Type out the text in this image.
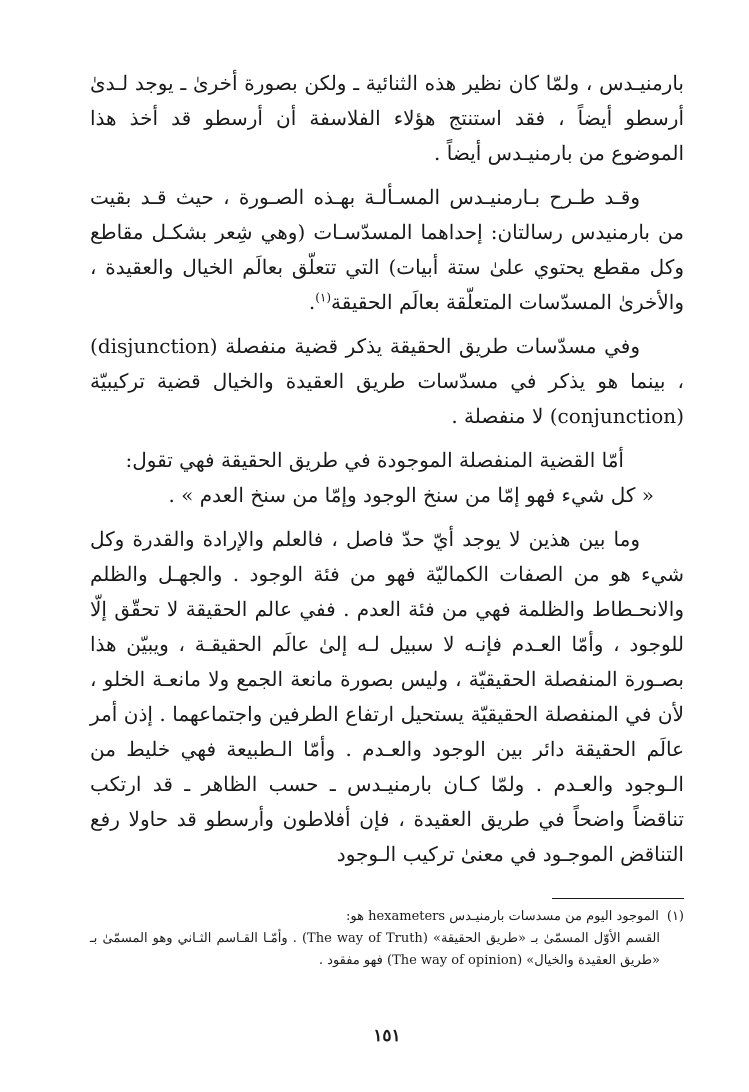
بارمنيـدس ، ولمّا كان نظير هذه الثنائية ـ ولكن بصورة أخرىٰ ـ يوجد لـدىٰ أرسطو أيضاً ، فقد استنتج هؤلاء الفلاسفة أن أرسطو قد أخذ هذا الموضوع من بارمنيـدس أيضاً .

وقـد طـرح بـارمنيـدس المسـألـة بهـذه الصـورة ، حيث قـد بقيت من بارمنيدس رسالتان: إحداهما المسدّسـات (وهي شِعر بشكـل مقاطع وكل مقطع يحتوي علىٰ ستة أبيات) التي تتعلّق بعالَم الخيال والعقيدة ، والأخرىٰ المسدّسات المتعلّقة بعالَم الحقيقة$^{(١)}$.

وفي مسدّسات طريق الحقيقة يذكر قضية منفصلة (disjunction) ، بينما هو يذكر في مسدّسات طريق العقيدة والخيال قضية تركيبيّة (conjunction) لا منفصلة .

أمّا القضية المنفصلة الموجودة في طريق الحقيقة فهي تقول:

« كل شيء فهو إمّا من سنخ الوجود وإمّا من سنخ العدم » .

وما بين هذين لا يوجد أيّ حدّ فاصل ، فالعلم والإرادة والقدرة وكل شيء هو من الصفات الكماليّة فهو من فئة الوجود . والجهـل والظلم والانحـطاط والظلمة فهي من فئة العدم . ففي عالم الحقيقة لا تحقّق إلّا للوجود ، وأمّا العـدم فإنـه لا سبيل لـه إلىٰ عالَم الحقيقـة ، ويبيّن هذا بصـورة المنفصلة الحقيقيّة ، وليس بصورة مانعة الجمع ولا مانعـة الخلو ، لأن في المنفصلة الحقيقيّة يستحيل ارتفاع الطرفين واجتماعهما . إذن أمر عالَم الحقيقة دائر بين الوجود والعـدم . وأمّا الـطبيعة فهي خليط من الـوجود والعـدم . ولمّا كـان بارمنيـدس ـ حسب الظاهر ـ قد ارتكب تناقضاً واضحاً في طريق العقيدة ، فإن أفلاطون وأرسطو قد حاولا رفع التناقض الموجـود في معنىٰ تركيب الـوجود

(١)الموجود اليوم من مسدسات بارمنيـدس hexameters هو:

القسم الأوّل المسمّىٰ بـ «طريق الحقيقة» (The way of Truth) . وأمّـا القـاسم الثـاني وهو المسمّىٰ بـ «طريق العقيدة والخيال» (The way of opinion) فهو مفقود .

١٥١
